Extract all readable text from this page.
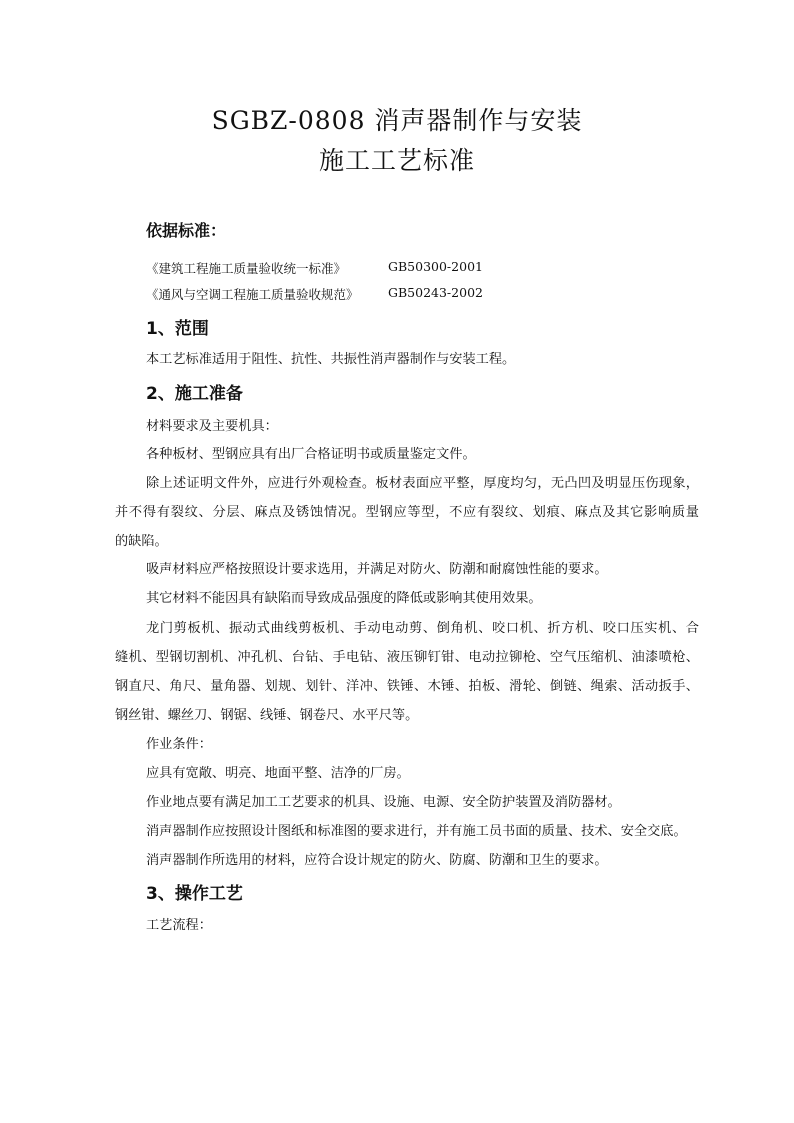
SGBZ-0808 消声器制作与安装
施工工艺标准
依据标准：
《建筑工程施工质量验收统一标准》	GB50300-2001
《通风与空调工程施工质量验收规范》 GB50243-2002
1、范围
本工艺标准适用于阻性、抗性、共振性消声器制作与安装工程。
2、施工准备
材料要求及主要机具：
各种板材、型钢应具有出厂合格证明书或质量鉴定文件。
除上述证明文件外，应进行外观检查。板材表面应平整，厚度均匀，无凸凹及明显压伤现象，
并不得有裂纹、分层、麻点及锈蚀情况。型钢应等型，不应有裂纹、划痕、麻点及其它影响质量
的缺陷。
吸声材料应严格按照设计要求选用，并满足对防火、防潮和耐腐蚀性能的要求。
其它材料不能因具有缺陷而导致成品强度的降低或影响其使用效果。
龙门剪板机、振动式曲线剪板机、手动电动剪、倒角机、咬口机、折方机、咬口压实机、合
缝机、型钢切割机、冲孔机、台钻、手电钻、液压铆钉钳、电动拉铆枪、空气压缩机、油漆喷枪、
钢直尺、角尺、量角器、划规、划针、洋冲、铁锤、木锤、拍板、滑轮、倒链、绳索、活动扳手、
钢丝钳、螺丝刀、钢锯、线锤、钢卷尺、水平尺等。
作业条件：
应具有宽敞、明亮、地面平整、洁净的厂房。
作业地点要有满足加工工艺要求的机具、设施、电源、安全防护装置及消防器材。
消声器制作应按照设计图纸和标准图的要求进行，并有施工员书面的质量、技术、安全交底。
消声器制作所选用的材料，应符合设计规定的防火、防腐、防潮和卫生的要求。
3、操作工艺
工艺流程：
